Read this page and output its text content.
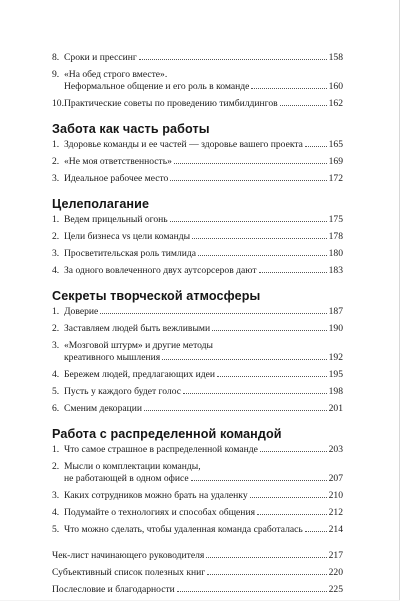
8. Сроки и прессинг	158
9. «На обед строго вместе».
Неформальное общение и его роль в команде	160
10. Практические советы по проведению тимбилдингов	162
Забота как часть работы
1. Здоровье команды и ее частей — здоровье вашего проекта	165
2. «Не моя ответственность»	169
3. Идеальное рабочее место	172
Целеполагание
1. Ведем прицельный огонь	175
2. Цели бизнеса vs цели команды	178
3. Просветительская роль тимлида	180
4. За одного вовлеченного двух аутсорсеров дают	183
Секреты творческой атмосферы
1. Доверие	187
2. Заставляем людей быть вежливыми	190
3. «Мозговой штурм» и другие методы
креативного мышления	192
4. Бережем людей, предлагающих идеи	195
5. Пусть у каждого будет голос	198
6. Сменим декорации	201
Работа с распределенной командой
1. Что самое страшное в распределенной команде	203
2. Мысли о комплектации команды,
не работающей в одном офисе	207
3. Каких сотрудников можно брать на удаленку	210
4. Подумайте о технологиях и способах общения	212
5. Что можно сделать, чтобы удаленная команда сработалась	214
Чек-лист начинающего руководителя	217
Субъективный список полезных книг	220
Послесловие и благодарности	225
